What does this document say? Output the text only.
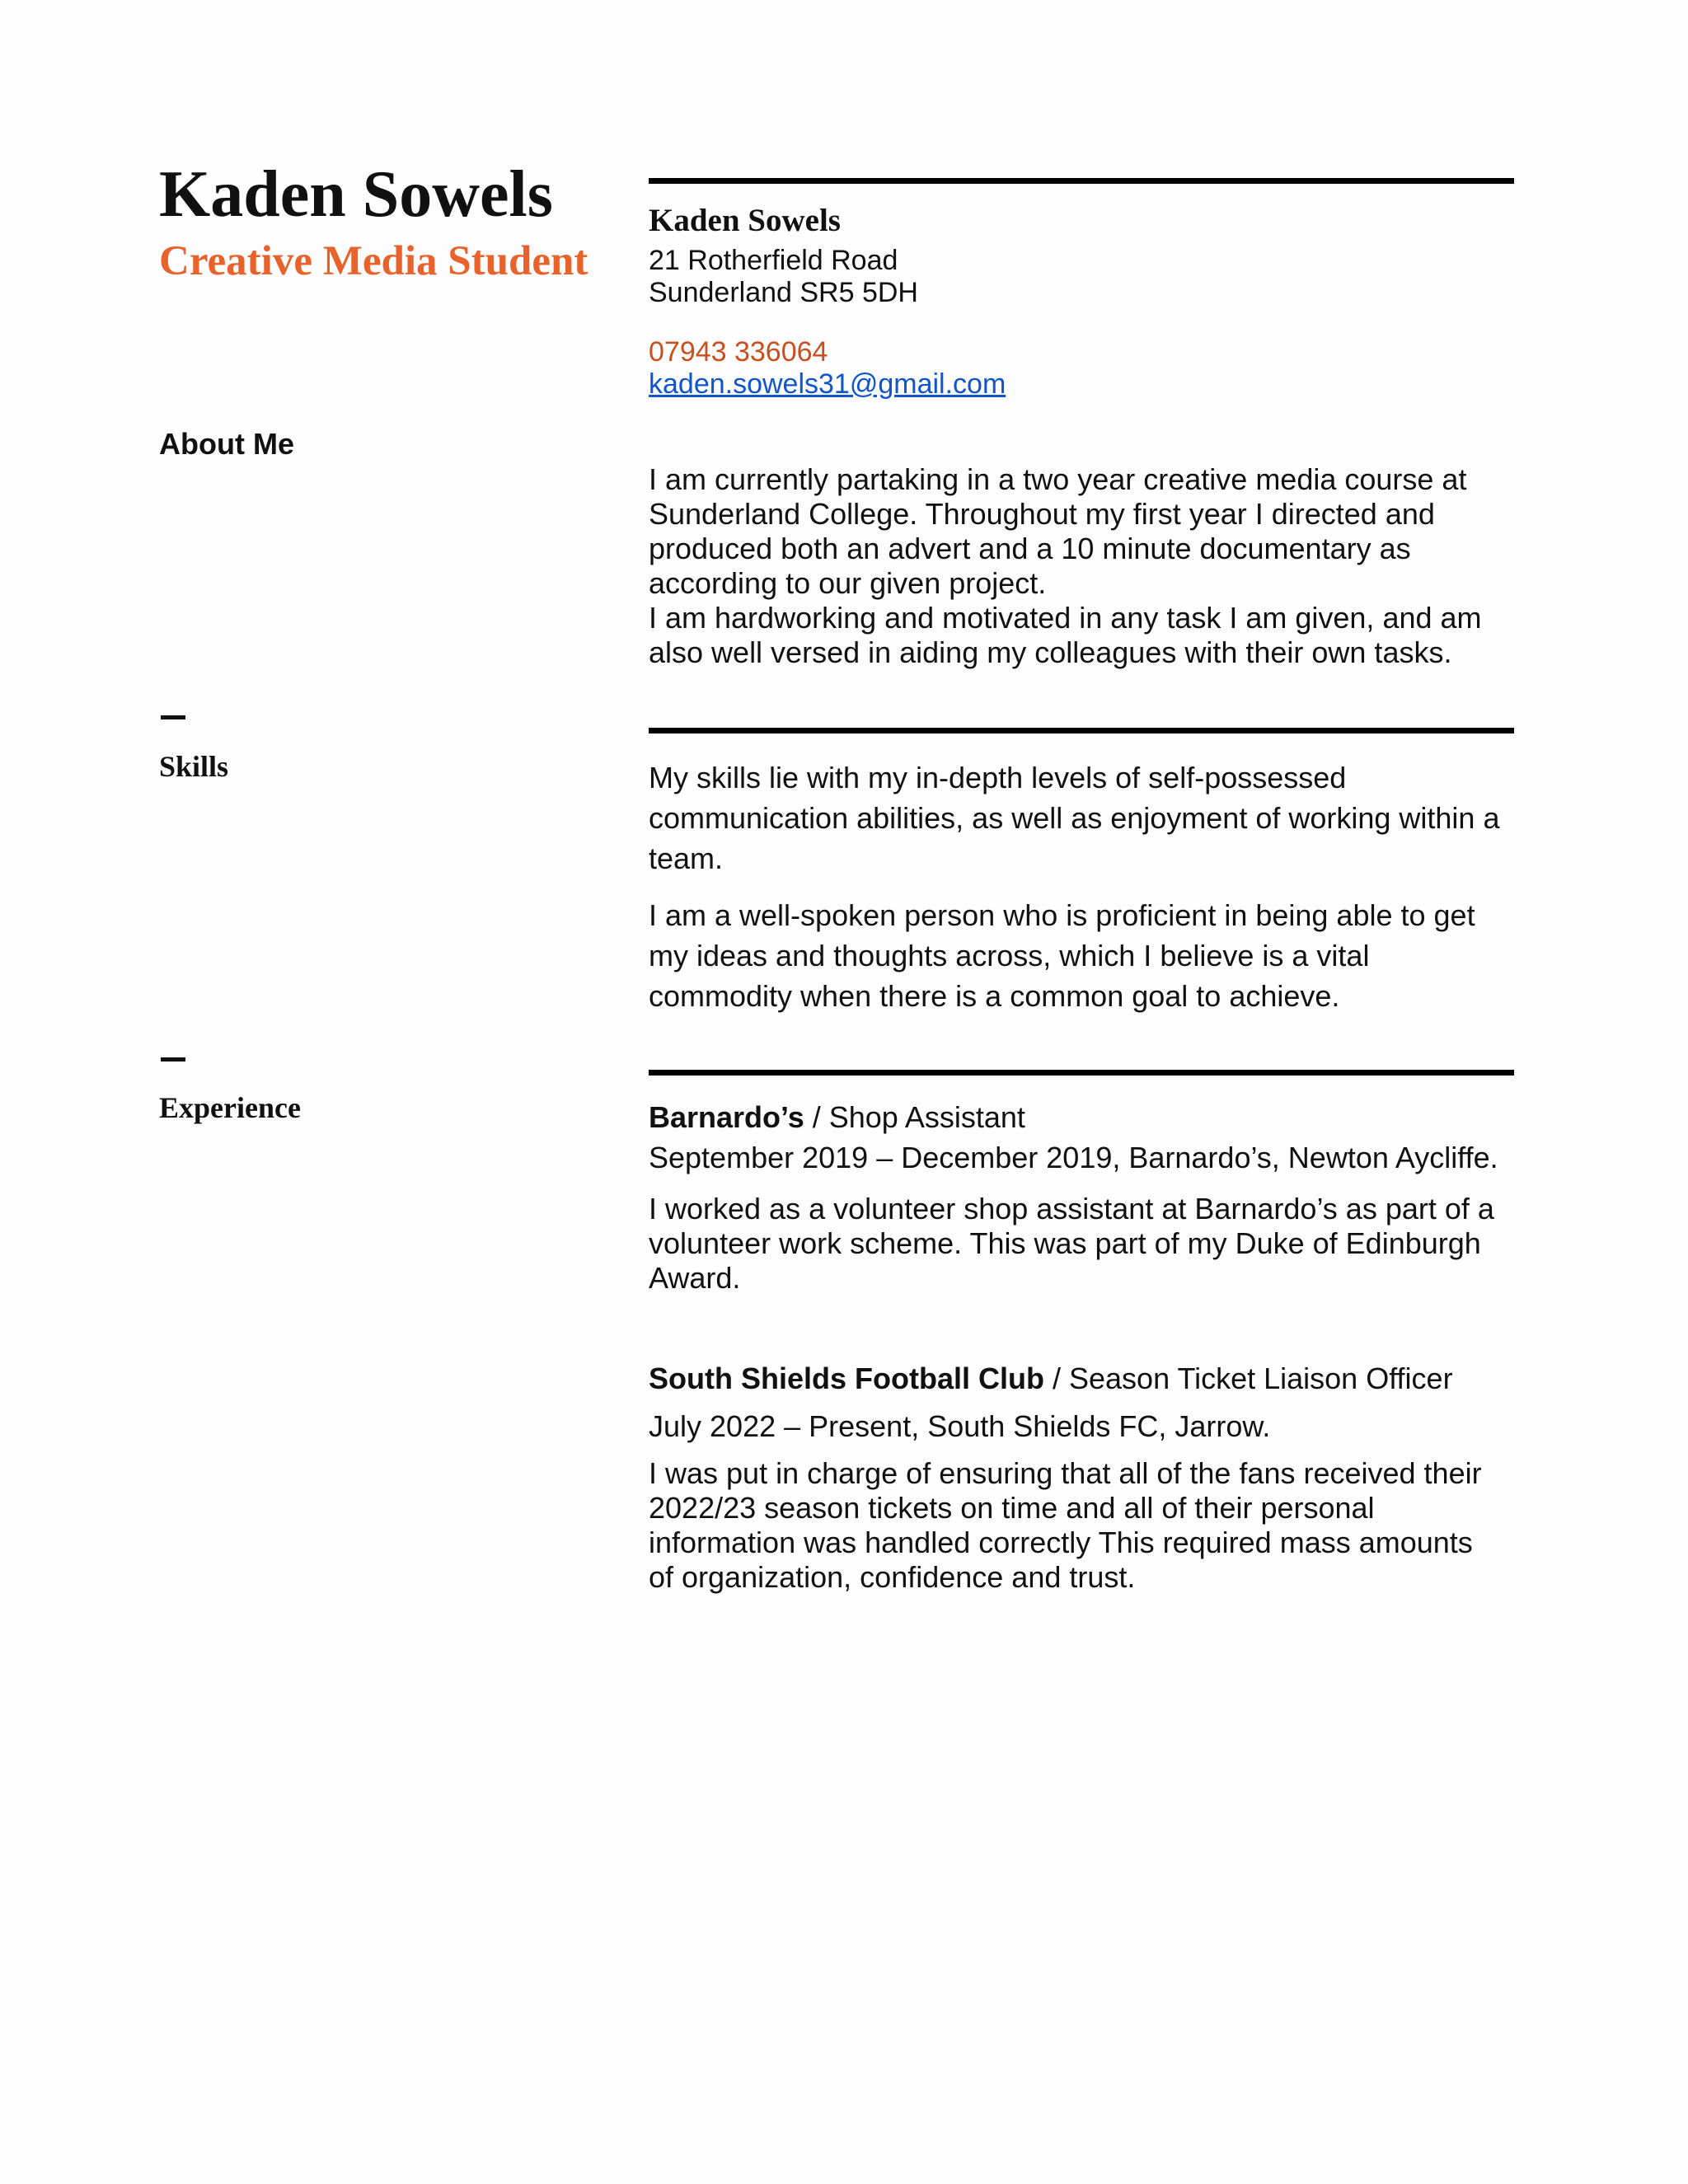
Kaden Sowels
Creative Media Student
About Me
Skills
Experience
Kaden Sowels

21 Rotherfield Road

Sunderland SR5 5DH

07943 336064
kaden.sowels31@gmail.com

I am currently partaking in a two year creative media course at

Sunderland College. Throughout my first year I directed and

produced both an advert and a 10 minute documentary as

according to our given project.

I am hardworking and motivated in any task I am given, and am

also well versed in aiding my colleagues with their own tasks.

My skills lie with my in-depth levels of self-possessed

communication abilities, as well as enjoyment of working within a

team.

I am a well-spoken person who is proficient in being able to get

my ideas and thoughts across, which I believe is a vital

commodity when there is a common goal to achieve.

Barnardo’s / Shop Assistant
September 2019 – December 2019, Barnardo’s, Newton Aycliffe.

I worked as a volunteer shop assistant at Barnardo’s as part of a

volunteer work scheme. This was part of my Duke of Edinburgh

Award.

South Shields Football Club / Season Ticket Liaison Officer
July 2022 – Present, South Shields FC, Jarrow.

I was put in charge of ensuring that all of the fans received their

2022/23 season tickets on time and all of their personal

information was handled correctly This required mass amounts

of organization, confidence and trust.
